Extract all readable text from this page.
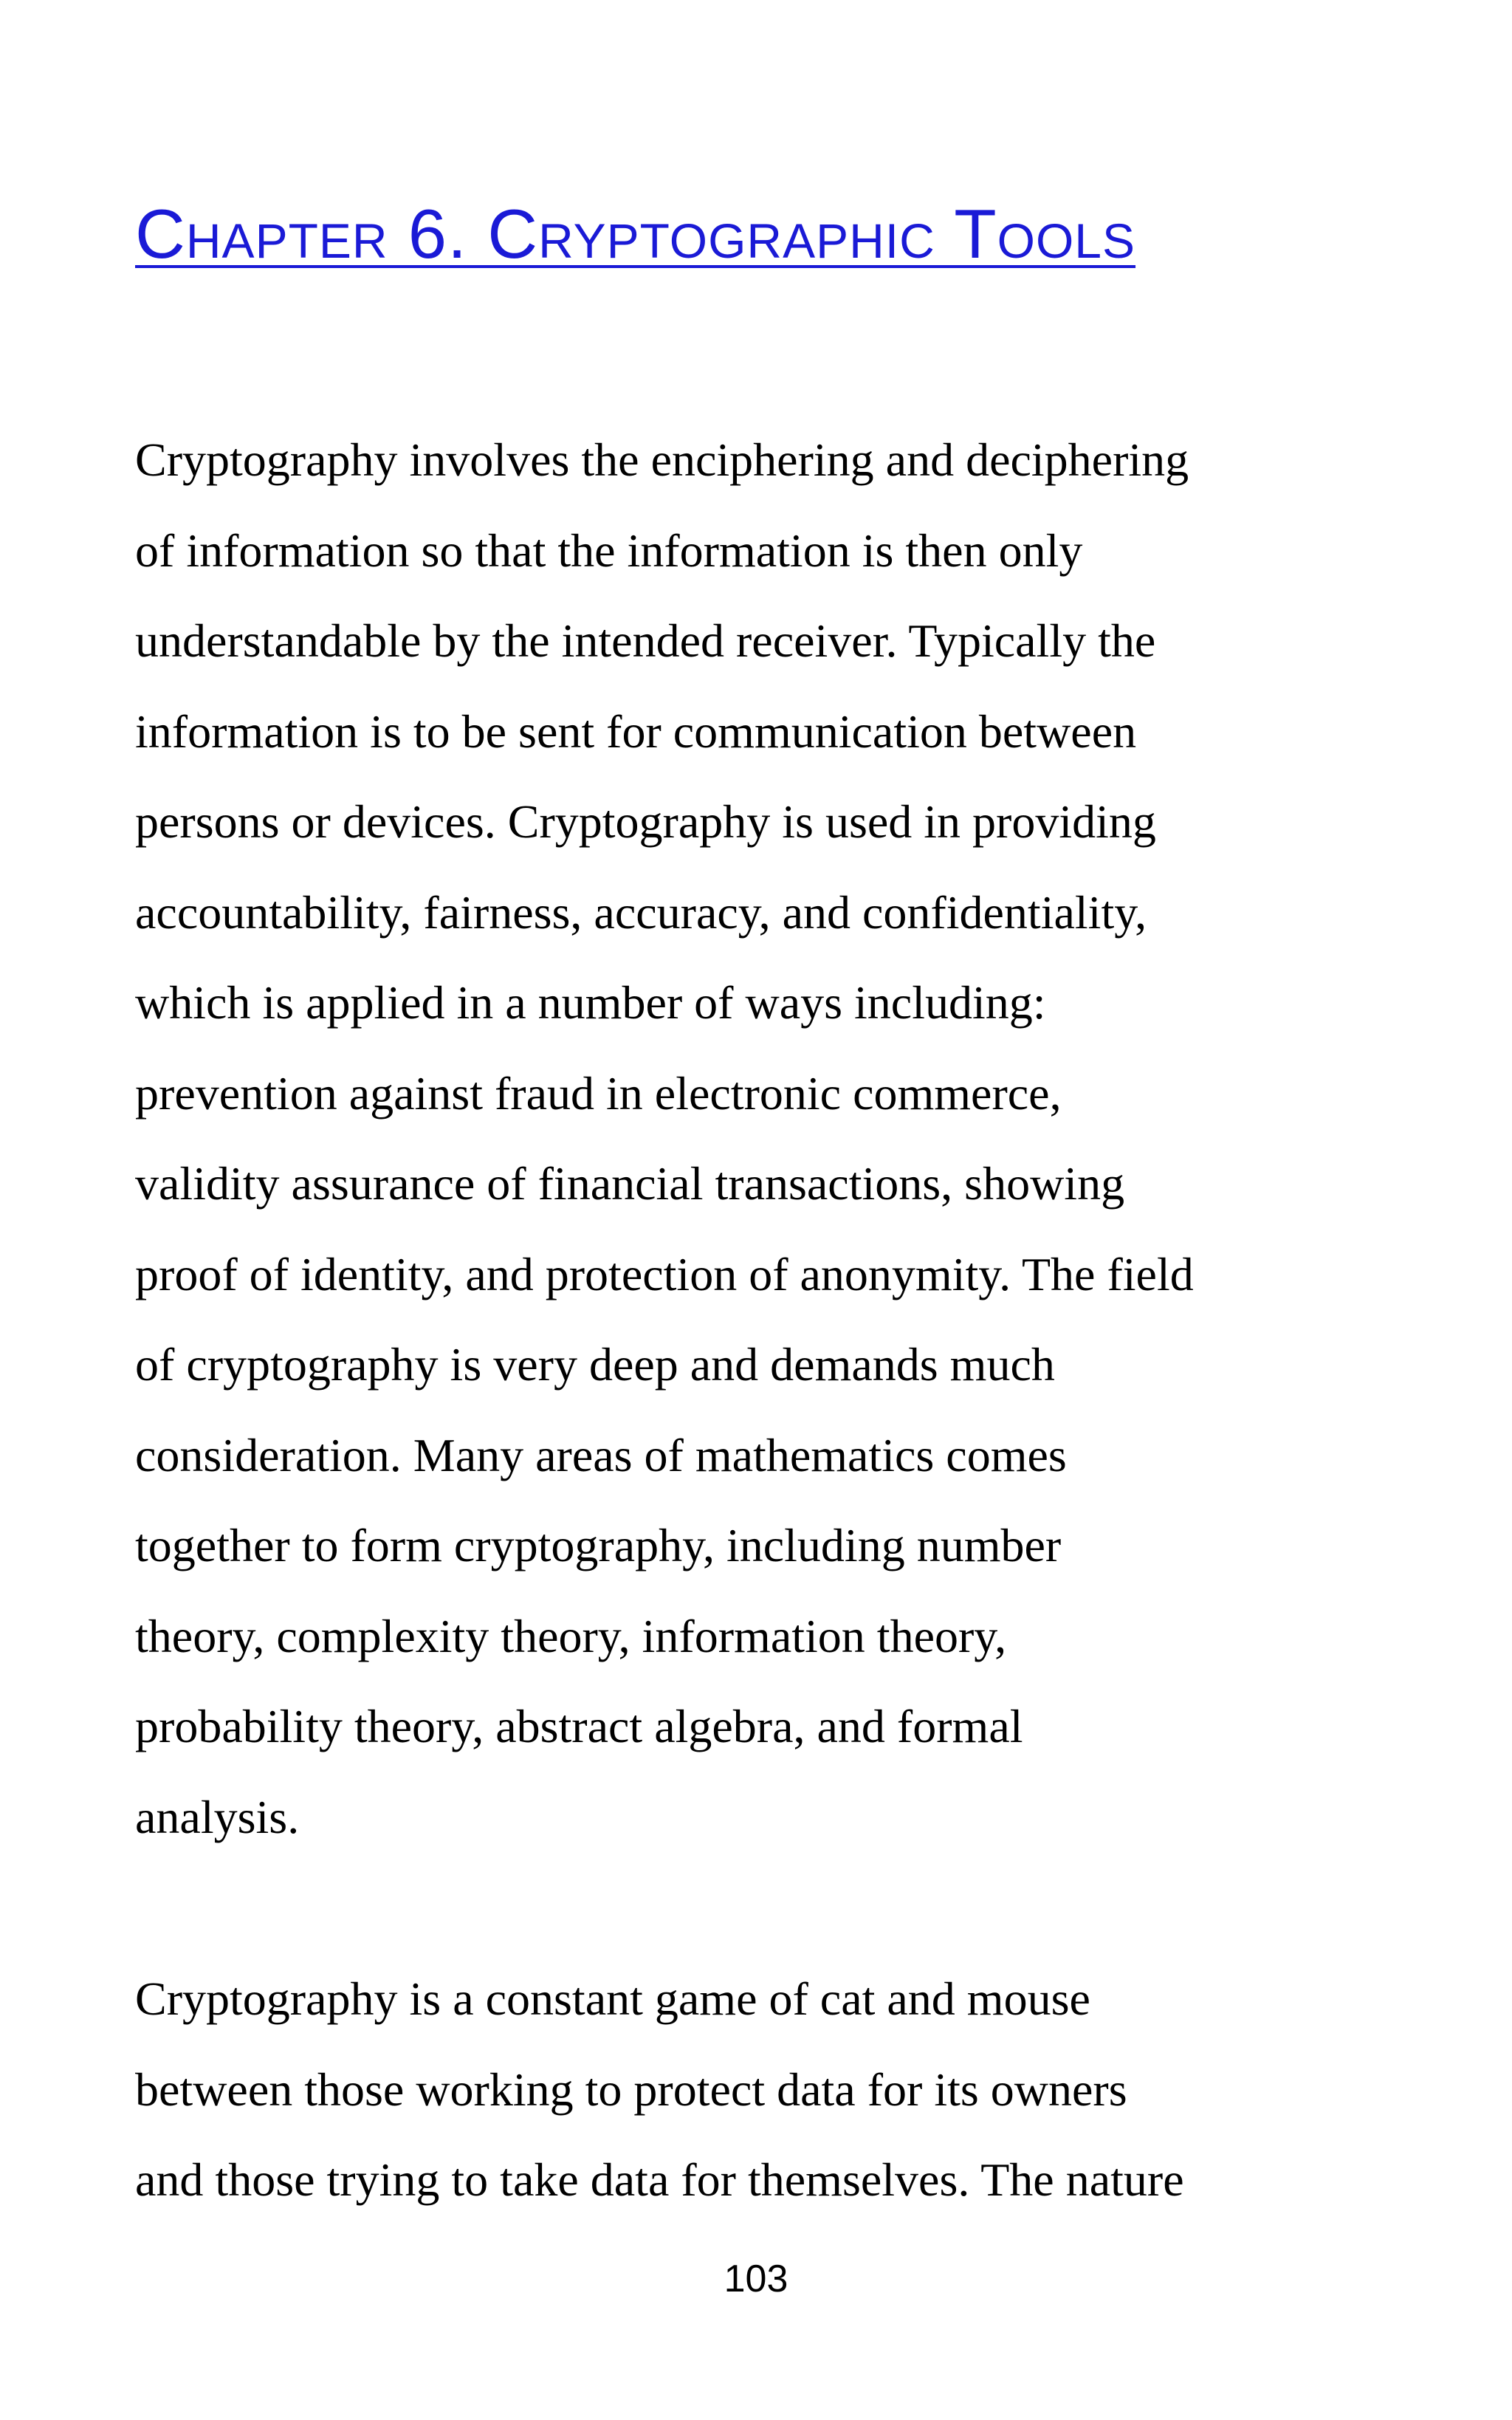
Chapter 6. Cryptographic Tools

Cryptography involves the enciphering and deciphering
of information so that the information is then only
understandable by the intended receiver. Typically the
information is to be sent for communication between
persons or devices. Cryptography is used in providing
accountability, fairness, accuracy, and confidentiality,
which is applied in a number of ways including:
prevention against fraud in electronic commerce,
validity assurance of financial transactions, showing
proof of identity, and protection of anonymity. The field
of cryptography is very deep and demands much
consideration. Many areas of mathematics comes
together to form cryptography, including number
theory, complexity theory, information theory,
probability theory, abstract algebra, and formal
analysis.

Cryptography is a constant game of cat and mouse
between those working to protect data for its owners
and those trying to take data for themselves. The nature

103
